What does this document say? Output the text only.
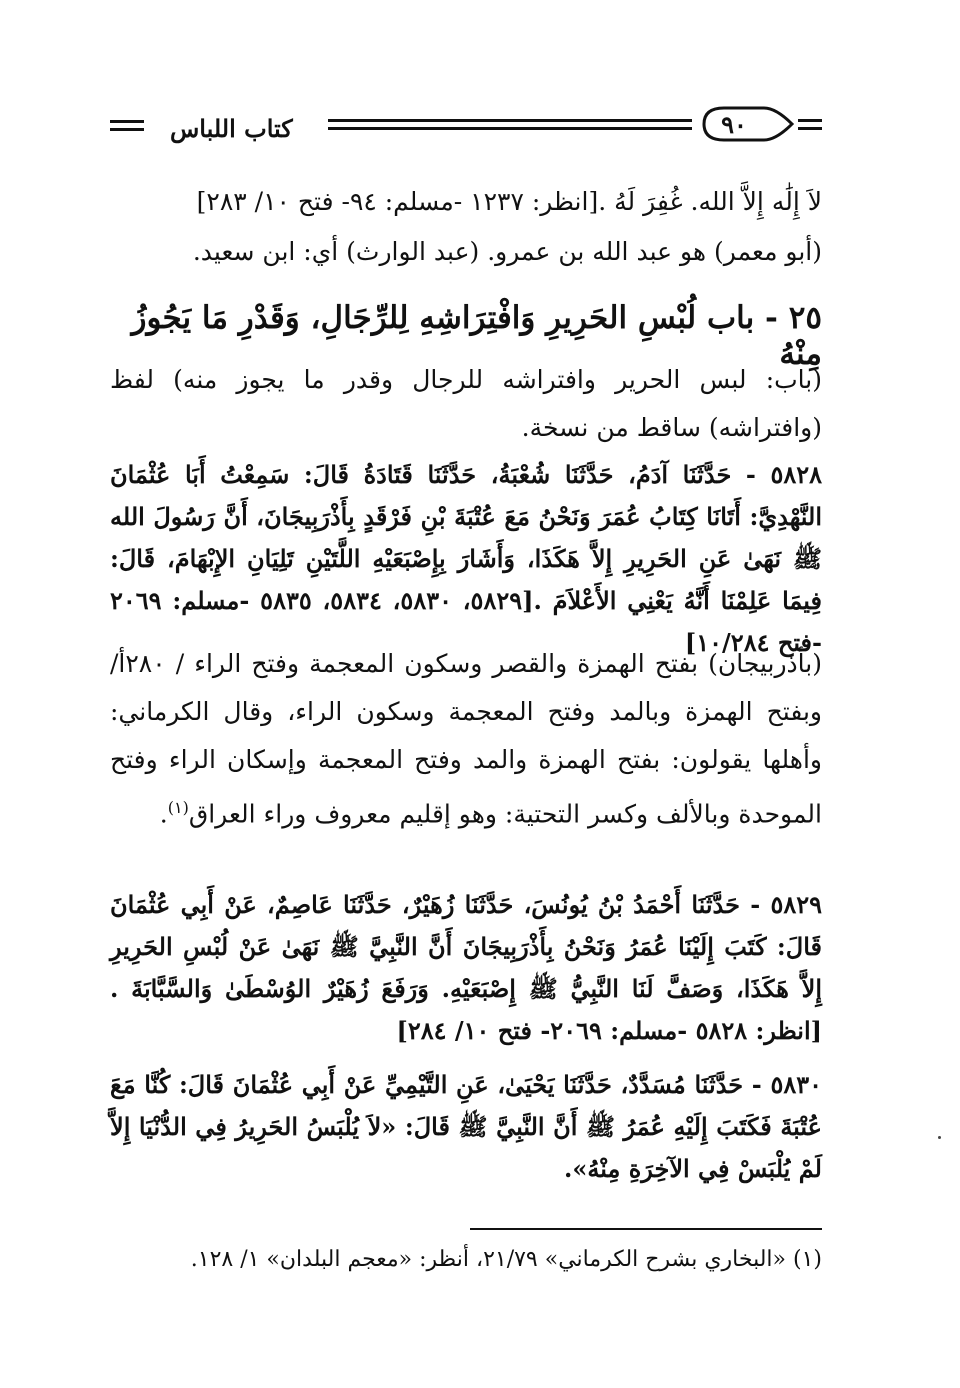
كتاب اللباس	٩٠
لاَ إِلَٰه إِلاَّ الله. غُفِرَ لَهُ .[انظر: ١٢٣٧ -مسلم: ٩٤- فتح ١٠/ ٢٨٣]
(أبو معمر) هو عبد الله بن عمرو. (عبد الوارث) أي: ابن سعيد.
٢٥ - باب لُبْسِ الحَرِيرِ وَافْتِرَاشِهِ لِلرِّجَالِ، وَقَدْرِ مَا يَجُوزُ مِنْهُ
(باب: لبس الحرير وافتراشه للرجال وقدر ما يجوز منه) لفظ (وافتراشه) ساقط من نسخة.
٥٨٢٨ - حَدَّثَنَا آدَمُ، حَدَّثَنَا شُعْبَةُ، حَدَّثَنَا قَتَادَةُ قَالَ: سَمِعْتُ أَبَا عُثْمَانَ النَّهْدِيَّ: أَتَانَا كِتَابُ عُمَرَ وَنَحْنُ مَعَ عُتْبَةَ بْنِ فَرْقَدٍ بِأَذْرَبِيجَانَ، أَنَّ رَسُولَ الله ﷺ نَهَىٰ عَنِ الحَرِيرِ إِلاَّ هَكَذَا، وَأَشَارَ بِإِصْبَعَيْهِ اللَّتَيْنِ تَلِيَانِ الإِبْهَامَ، قَالَ: فِيمَا عَلِمْنَا أَنَّهُ يَعْنِي الأَعْلاَمَ .[٥٨٢٩، ٥٨٣٠، ٥٨٣٤، ٥٨٣٥ -مسلم: ٢٠٦٩ -فتح ١٠/٢٨٤]
(بأذربيجان) بفتح الهمزة والقصر وسكون المعجمة وفتح الراء / ٢٨٠أ/ وبفتح الهمزة وبالمد وفتح المعجمة وسكون الراء، وقال الكرماني: وأهلها يقولون: بفتح الهمزة والمد وفتح المعجمة وإسكان الراء وفتح الموحدة وبالألف وكسر التحتية: وهو إقليم معروف وراء العراق$^{(١)}$.
٥٨٢٩ - حَدَّثَنَا أَحْمَدُ بْنُ يُونُسَ، حَدَّثَنَا زُهَيْرٌ، حَدَّثَنَا عَاصِمٌ، عَنْ أَبِي عُثْمَانَ قَالَ: كَتَبَ إِلَيْنَا عُمَرُ وَنَحْنُ بِأَذْرَبِيجَانَ أَنَّ النَّبِيَّ ﷺ نَهَىٰ عَنْ لُبْسِ الحَرِيرِ إِلاَّ هَكَذَا، وَصَفَّ لَنَا النَّبِيُّ ﷺ إِصْبَعَيْهِ. وَرَفَعَ زُهَيْرٌ الوُسْطَىٰ وَالسَّبَّابَةَ .[انظر: ٥٨٢٨ -مسلم: ٢٠٦٩- فتح ١٠/ ٢٨٤]
٥٨٣٠ - حَدَّثَنَا مُسَدَّدٌ، حَدَّثَنَا يَحْيَىٰ، عَنِ التَّيْمِيِّ عَنْ أَبِي عُثْمَانَ قَالَ: كُنَّا مَعَ عُتْبَةَ فَكَتَبَ إِلَيْهِ عُمَرُ ﷺ أَنَّ النَّبِيَّ ﷺ قَالَ: «لاَ يُلْبَسُ الحَرِيرُ فِي الدُّنْيَا إِلاَّ لَمْ يُلْبَسْ فِي الآخِرَةِ مِنْهُ».
(١) «البخاري بشرح الكرماني» ٢١/٧٩، أنظر: «معجم البلدان» ١/ ١٢٨.
